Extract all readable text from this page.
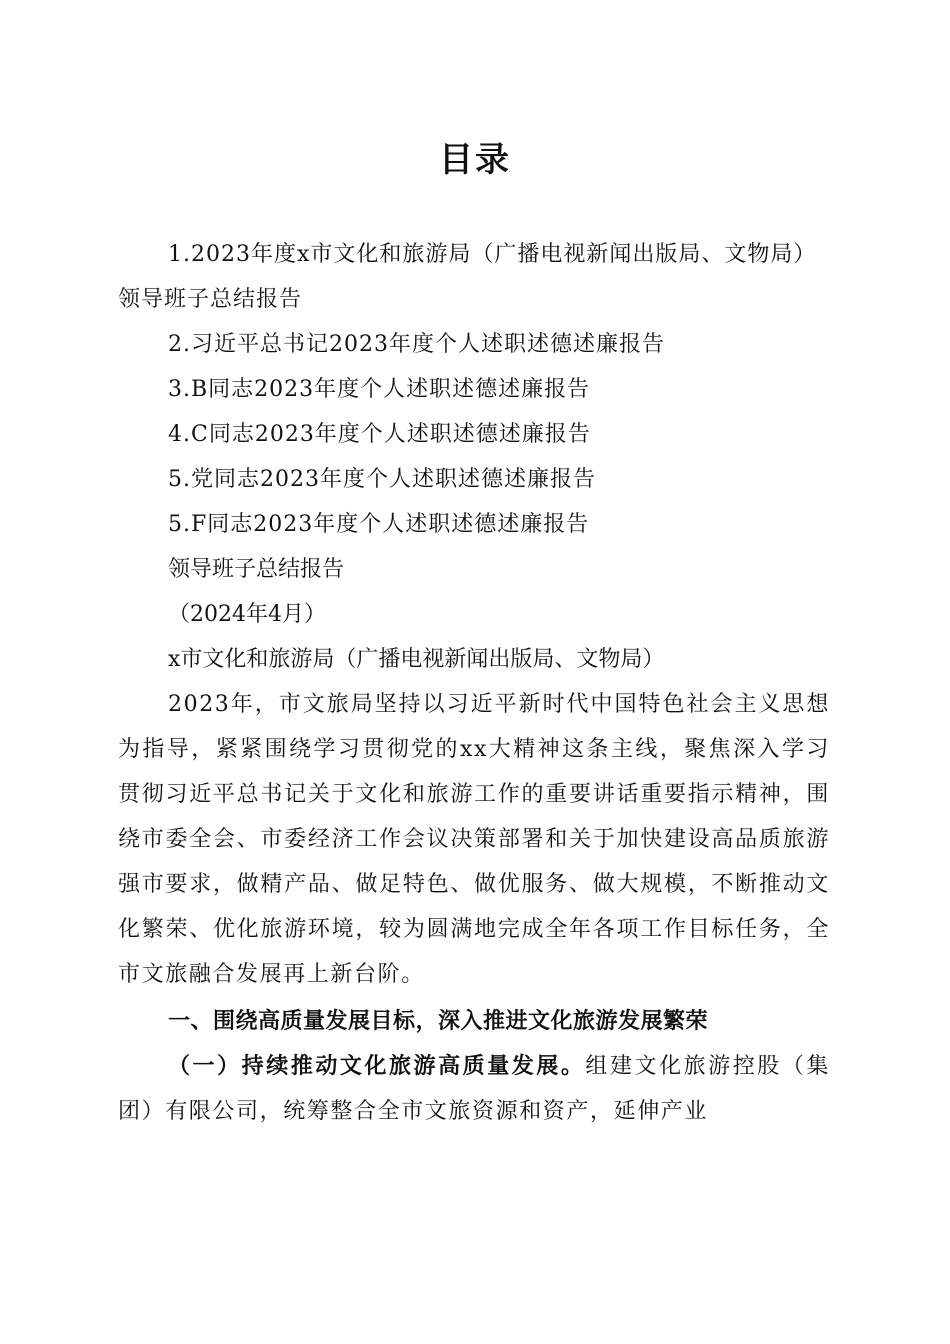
目录

1.2023年度x市文化和旅游局（广播电视新闻出版局、文物局）领导班子总结报告

2.习近平总书记2023年度个人述职述德述廉报告

3.B同志2023年度个人述职述德述廉报告

4.C同志2023年度个人述职述德述廉报告

5.党同志2023年度个人述职述德述廉报告

5.F同志2023年度个人述职述德述廉报告

领导班子总结报告

（2024年4月）

x市文化和旅游局（广播电视新闻出版局、文物局）

2023年，市文旅局坚持以习近平新时代中国特色社会主义思想为指导，紧紧围绕学习贯彻党的xx大精神这条主线，聚焦深入学习贯彻习近平总书记关于文化和旅游工作的重要讲话重要指示精神，围绕市委全会、市委经济工作会议决策部署和关于加快建设高品质旅游强市要求，做精产品、做足特色、做优服务、做大规模，不断推动文化繁荣、优化旅游环境，较为圆满地完成全年各项工作目标任务，全市文旅融合发展再上新台阶。

一、围绕高质量发展目标，深入推进文化旅游发展繁荣

（一）持续推动文化旅游高质量发展。组建文化旅游控股（集团）有限公司，统筹整合全市文旅资源和资产，延伸产业
